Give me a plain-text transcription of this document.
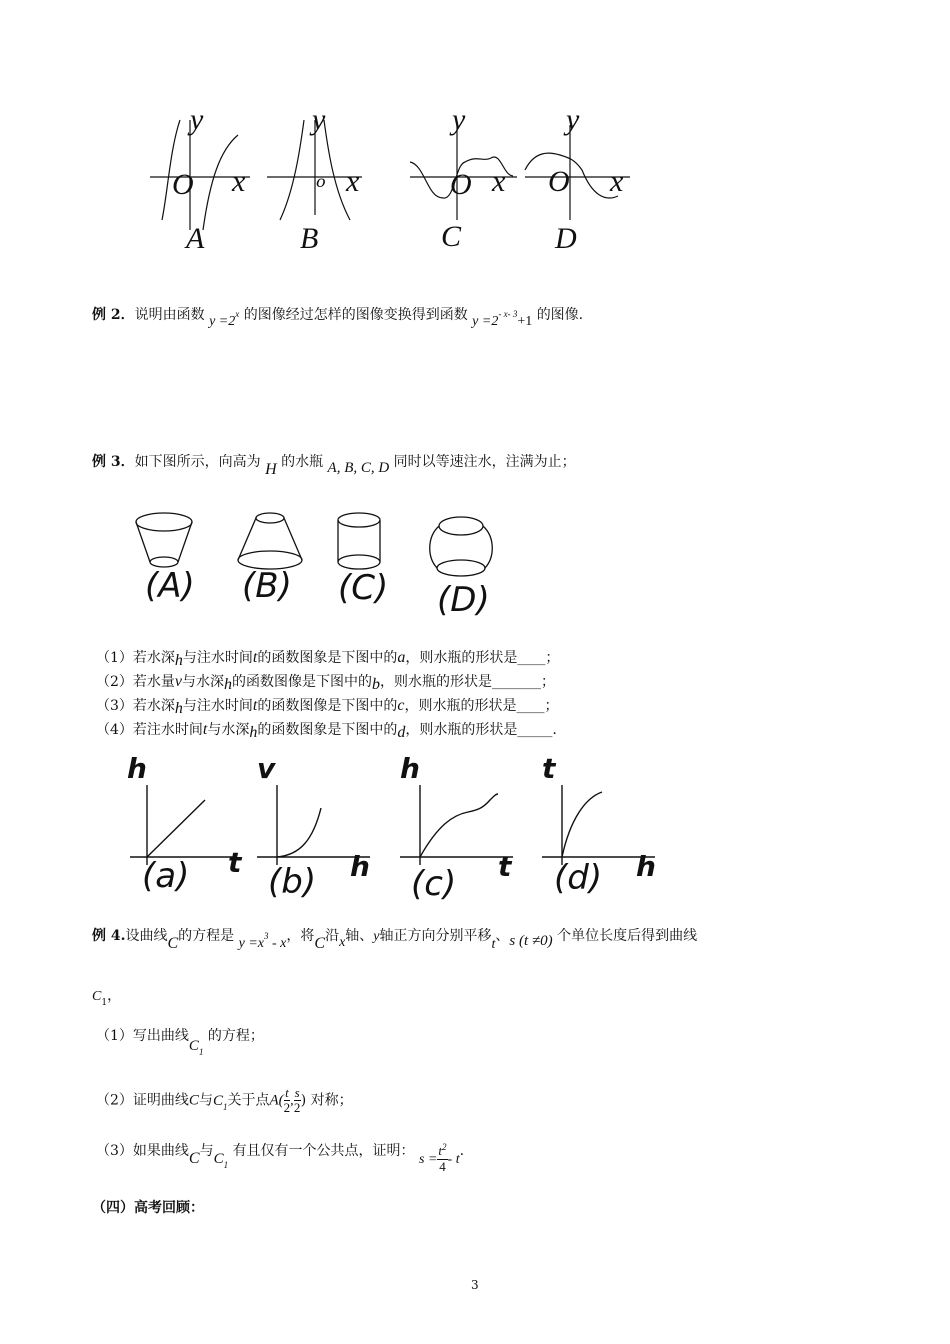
y
O x
A
y
o x
B
y
O x
C
y
O x
D
例 2．说明由函数 $y =2^x$ 的图像经过怎样的图像变换得到函数 $y =2^{- x- 3}+1$ 的图像.
例 3．如下图所示，向高为 H 的水瓶 A, B, C, D 同时以等速注水，注满为止；
(A) (B) (C) (D)
（1）若水深h与注水时间t的函数图象是下图中的a，则水瓶的形状是____；
（2）若水量v与水深h的函数图像是下图中的b，则水瓶的形状是_______；
（3）若水深h与注水时间t的函数图像是下图中的c，则水瓶的形状是____；
（4）若注水时间t与水深h的函数图象是下图中的d，则水瓶的形状是_____.
h
t
(a)
v
h
(b)
h
t
(c)
t
h
(d)
例 4.设曲线C的方程是 $y =x^3 - x$，将C沿x轴、y轴正方向分别平移t、s (t ≠0) 个单位长度后得到曲线
$C_1$，
（1）写出曲线$C_1$ 的方程；
（2）证明曲线C与$C_1$关于点$A( \frac{t}{2}$ , $\frac{s}{2}$ ) 对称；
（3）如果曲线C与$C_1$ 有且仅有一个公共点，证明： $s = \frac{t^2}{4} - t$.
（四）高考回顾：
3
